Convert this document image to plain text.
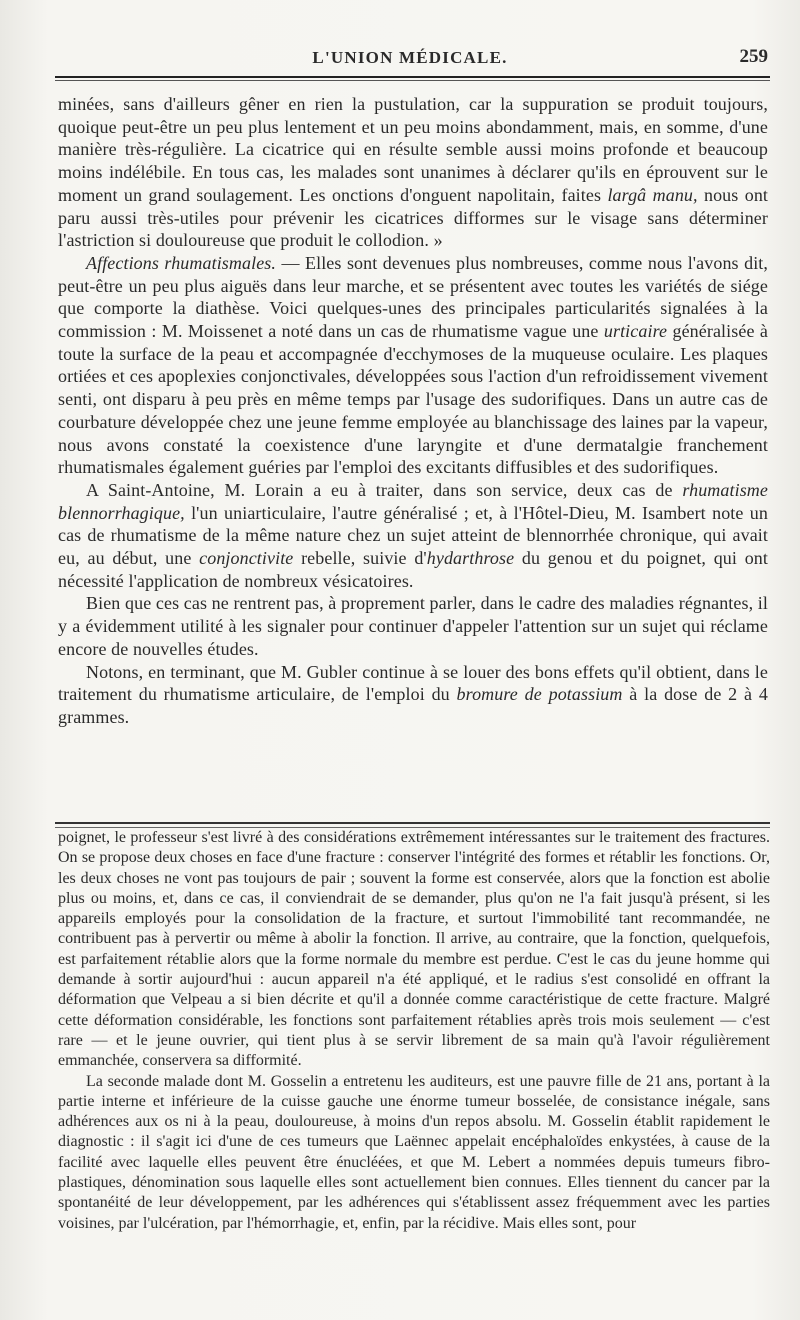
L'UNION MÉDICALE.	259

minées, sans d'ailleurs gêner en rien la pustulation, car la suppuration se produit toujours, quoique peut-être un peu plus lentement et un peu moins abondamment, mais, en somme, d'une manière très-régulière. La cicatrice qui en résulte semble aussi moins profonde et beaucoup moins indélébile. En tous cas, les malades sont unanimes à déclarer qu'ils en éprouvent sur le moment un grand soulagement. Les onctions d'onguent napolitain, faites largâ manu, nous ont paru aussi très-utiles pour prévenir les cicatrices difformes sur le visage sans déterminer l'astriction si douloureuse que produit le collodion. »

Affections rhumatismales. — Elles sont devenues plus nombreuses, comme nous l'avons dit, peut-être un peu plus aiguës dans leur marche, et se présentent avec toutes les variétés de siége que comporte la diathèse. Voici quelques-unes des principales particularités signalées à la commission : M. Moissenet a noté dans un cas de rhumatisme vague une urticaire généralisée à toute la surface de la peau et accompagnée d'ecchymoses de la muqueuse oculaire. Les plaques ortiées et ces apoplexies conjonctivales, développées sous l'action d'un refroidissement vivement senti, ont disparu à peu près en même temps par l'usage des sudorifiques. Dans un autre cas de courbature développée chez une jeune femme employée au blanchissage des laines par la vapeur, nous avons constaté la coexistence d'une laryngite et d'une dermatalgie franchement rhumatismales également guéries par l'emploi des excitants diffusibles et des sudorifiques.

A Saint-Antoine, M. Lorain a eu à traiter, dans son service, deux cas de rhumatisme blennorrhagique, l'un uniarticulaire, l'autre généralisé ; et, à l'Hôtel-Dieu, M. Isambert note un cas de rhumatisme de la même nature chez un sujet atteint de blennorrhée chronique, qui avait eu, au début, une conjonctivite rebelle, suivie d'hydarthrose du genou et du poignet, qui ont nécessité l'application de nombreux vésicatoires.

Bien que ces cas ne rentrent pas, à proprement parler, dans le cadre des maladies régnantes, il y a évidemment utilité à les signaler pour continuer d'appeler l'attention sur un sujet qui réclame encore de nouvelles études.

Notons, en terminant, que M. Gubler continue à se louer des bons effets qu'il obtient, dans le traitement du rhumatisme articulaire, de l'emploi du bromure de potassium à la dose de 2 à 4 grammes.

poignet, le professeur s'est livré à des considérations extrêmement intéressantes sur le traitement des fractures. On se propose deux choses en face d'une fracture : conserver l'intégrité des formes et rétablir les fonctions. Or, les deux choses ne vont pas toujours de pair ; souvent la forme est conservée, alors que la fonction est abolie plus ou moins, et, dans ce cas, il conviendrait de se demander, plus qu'on ne l'a fait jusqu'à présent, si les appareils employés pour la consolidation de la fracture, et surtout l'immobilité tant recommandée, ne contribuent pas à pervertir ou même à abolir la fonction. Il arrive, au contraire, que la fonction, quelquefois, est parfaitement rétablie alors que la forme normale du membre est perdue. C'est le cas du jeune homme qui demande à sortir aujourd'hui : aucun appareil n'a été appliqué, et le radius s'est consolidé en offrant la déformation que Velpeau a si bien décrite et qu'il a donnée comme caractéristique de cette fracture. Malgré cette déformation considérable, les fonctions sont parfaitement rétablies après trois mois seulement — c'est rare — et le jeune ouvrier, qui tient plus à se servir librement de sa main qu'à l'avoir régulièrement emmanchée, conservera sa difformité.

La seconde malade dont M. Gosselin a entretenu les auditeurs, est une pauvre fille de 21 ans, portant à la partie interne et inférieure de la cuisse gauche une énorme tumeur bosselée, de consistance inégale, sans adhérences aux os ni à la peau, douloureuse, à moins d'un repos absolu. M. Gosselin établit rapidement le diagnostic : il s'agit ici d'une de ces tumeurs que Laënnec appelait encéphaloïdes enkystées, à cause de la facilité avec laquelle elles peuvent être énucléées, et que M. Lebert a nommées depuis tumeurs fibro-plastiques, dénomination sous laquelle elles sont actuellement bien connues. Elles tiennent du cancer par la spontanéité de leur développement, par les adhérences qui s'établissent assez fréquemment avec les parties voisines, par l'ulcération, par l'hémorrhagie, et, enfin, par la récidive. Mais elles sont, pour
